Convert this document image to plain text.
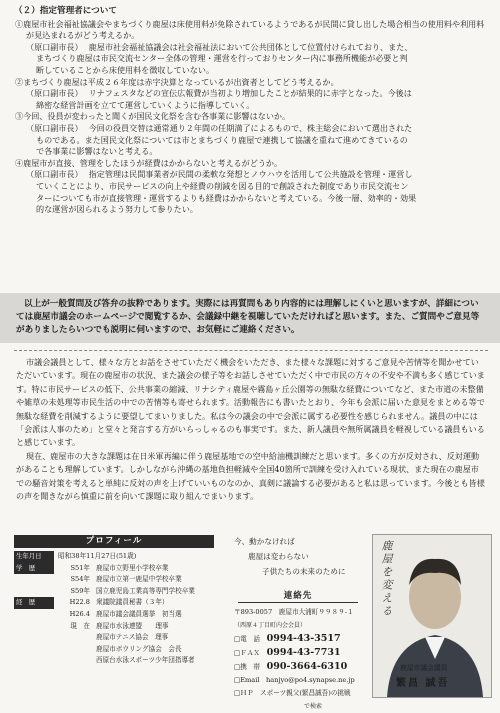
（２）指定管理者について
①鹿屋市社会福祉協議会やまちづくり鹿屋は床使用料が免除されているようであるが民間に貸し出した場合相当の使用料や利用料が見込まれるがどう考えるか。
（原口副市長） 鹿屋市社会福祉協議会は社会福祉法において公共団体として位置付けられており、また、
まちづくり鹿屋は市民交流センター全体の管理・運営を行っておりセンター内に事務所機能が必要と判
断していることから床使用料を徴収していない。
②まちづくり鹿屋は平成２６年度は赤字決算となっているが出資者としてどう考えるか。
（原口副市長） リナフェスタなどの宣伝広報費が当初より増加したことが結果的に赤字となった。今後は
綿密な経営計画を立てて運営していくように指導していく。
③今回、役員が変わったと聞くが国民文化祭を含む各事業に影響はないか。
（原口副市長） 今回の役員交替は通常通り２年間の任期満了によるもので、株主総会において選出された
ものである。また国民文化祭については市とまちづくり鹿屋で連携して協議を重ねて進めてきているの
で各事業に影響はないと考える。
④鹿屋市が直接、管理をしたほうが経費はかからないと考えるがどうか。
（原口副市長） 指定管理は民間事業者が民間の柔軟な発想とノウハウを活用して公共施設を管理・運営し
ていくことにより、市民サービスの向上や経費の削減を図る目的で創設された制度であり市民交流セン
ターについても市が直接管理・運営するよりも経費はかからないと考えている。今後一層、効率的・効果
的な運営が図られるよう努力して参りたい。
以上が一般質問及び答弁の抜粋であります。実際には再質問もあり内容的には理解しにくいと思いますが、詳細については鹿屋市議会のホームページで閲覧するか、会議録中継を視聴していただければと思います。また、ご質問やご意見等がありましたらいつでも説明に伺いますので、お気軽にご連絡ください。

市議会議員として、様々な方とお話をさせていただく機会をいただき、また様々な課題に対するご意見や苦情等を聞かせていただいています。現在の鹿屋市の状況、また議会の様子等をお話しさせていただく中で市民の方々の不安や不満も多く感じています。特に市民サービスの低下、公共事業の縮減、リナシティ鹿屋や霧島ヶ丘公園等の無駄な経費についてなど、また市道の未整備や雑草の未処理等市民生活の中での苦情等も寄せられます。活動報告にも書いたとおり、今年も会派に届いた意見をまとめる等で無駄な経費を削減するように要望してまいりました。私は今の議会の中で会派に属する必要性を感じられません。議員の中には「会派は人事のため」と堂々と発言する方がいらっしゃるのも事実です。また、新人議員や無所属議員を軽視している議員もいると感じています。

現在、鹿屋市の大きな課題は在日米軍再編に伴う鹿屋基地での空中給油機訓練だと思います。多くの方が反対され、反対運動があることも理解しています。しかしながら沖縄の基地負担軽減や全国40箇所で訓練を受け入れている現状、また現在の鹿屋市での騒音対策を考えると単純に反対の声を上げていいものなのか、真剣に議論する必要があると私は思っています。今後とも皆様の声を聞きながら慎重に前を向いて課題に取り組んでまいります。

プロフィール
生年月日	昭和38年11月27日(51歳)
学　歴	S51年 鹿屋市立野里小学校卒業
S54年 鹿屋市立第一鹿屋中学校卒業
S59年 国立鹿児島工業高等専門学校卒業
経　歴	H22.8 衆議院議員秘書（３年）
H26.4 鹿屋市議会議員選挙　初当選
現　在 鹿屋市水泳連盟　　理事
鹿屋市テニス協会　理事
鹿屋市ボウリング協会　会長
西原台水泳スポーツ少年団指導者
今、動かなければ
鹿屋は変わらない
子供たちの未来のために
連絡先
〒893-0057　鹿屋市大浦町９９８９-１
（西原４丁目町内会会員）
□電　話　 0994-43-3517
□ＦＡＸ　 0994-43-7731
□携　帯　 090-3664-6310
□Email　 hanjyo@po4.synapse.ne.jp
□ＨＰ　 スポーツ親父(繁昌誠吾)の挑戦
で検索
鹿屋を変える
鹿屋市議会議員
繁昌 誠吾
